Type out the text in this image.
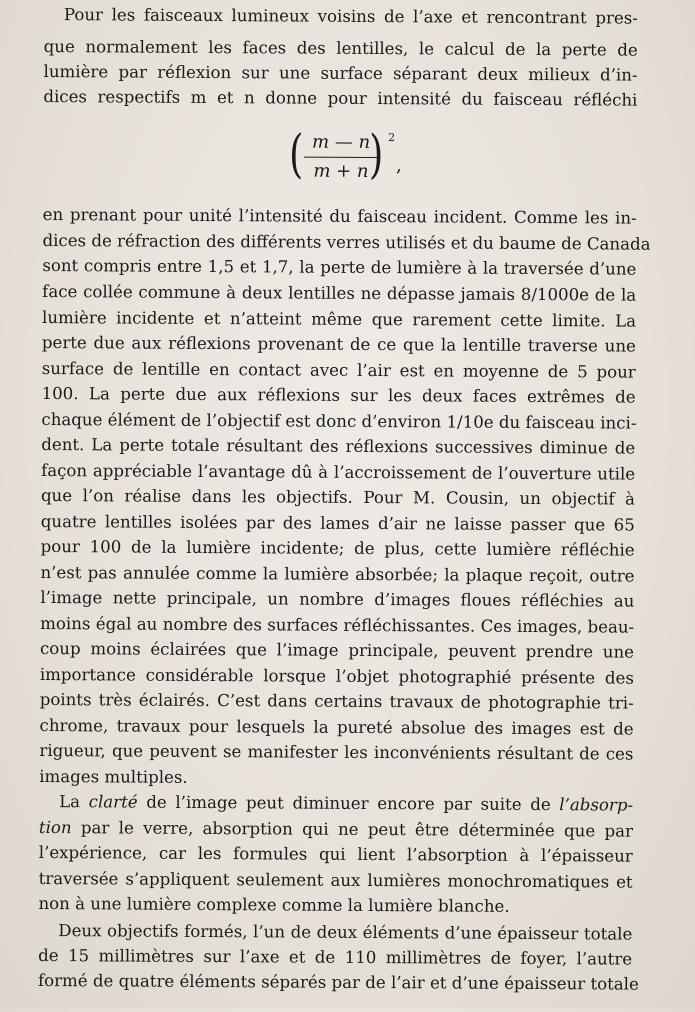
Pour les faisceaux lumineux voisins de l’axe et rencontrant pres-
que normalement les faces des lentilles, le calcul de la perte de
lumière par réflexion sur une surface séparant deux milieux d’in-
dices respectifs m et n donne pour intensité du faisceau réfléchi
( m — n
m + n ) 2
,
en prenant pour unité l’intensité du faisceau incident. Comme les in-
dices de réfraction des différents verres utilisés et du baume de Canada
sont compris entre 1,5 et 1,7, la perte de lumière à la traversée d’une
face collée commune à deux lentilles ne dépasse jamais 8/1000e de la
lumière incidente et n’atteint même que rarement cette limite. La
perte due aux réflexions provenant de ce que la lentille traverse une
surface de lentille en contact avec l’air est en moyenne de 5 pour
100. La perte due aux réflexions sur les deux faces extrêmes de
chaque élément de l’objectif est donc d’environ 1/10e du faisceau inci-
dent. La perte totale résultant des réflexions successives diminue de
façon appréciable l’avantage dû à l’accroissement de l’ouverture utile
que l’on réalise dans les objectifs. Pour M. Cousin, un objectif à
quatre lentilles isolées par des lames d’air ne laisse passer que 65
pour 100 de la lumière incidente; de plus, cette lumière réfléchie
n’est pas annulée comme la lumière absorbée; la plaque reçoit, outre
l’image nette principale, un nombre d’images floues réfléchies au
moins égal au nombre des surfaces réfléchissantes. Ces images, beau-
coup moins éclairées que l’image principale, peuvent prendre une
importance considérable lorsque l’objet photographié présente des
points très éclairés. C’est dans certains travaux de photographie tri-
chrome, travaux pour lesquels la pureté absolue des images est de
rigueur, que peuvent se manifester les inconvénients résultant de ces
images multiples.
La clarté de l’image peut diminuer encore par suite de l’absorp-
tion par le verre, absorption qui ne peut être déterminée que par
l’expérience, car les formules qui lient l’absorption à l’épaisseur
traversée s’appliquent seulement aux lumières monochromatiques et
non à une lumière complexe comme la lumière blanche.
Deux objectifs formés, l’un de deux éléments d’une épaisseur totale
de 15 millimètres sur l’axe et de 110 millimètres de foyer, l’autre
formé de quatre éléments séparés par de l’air et d’une épaisseur totale
